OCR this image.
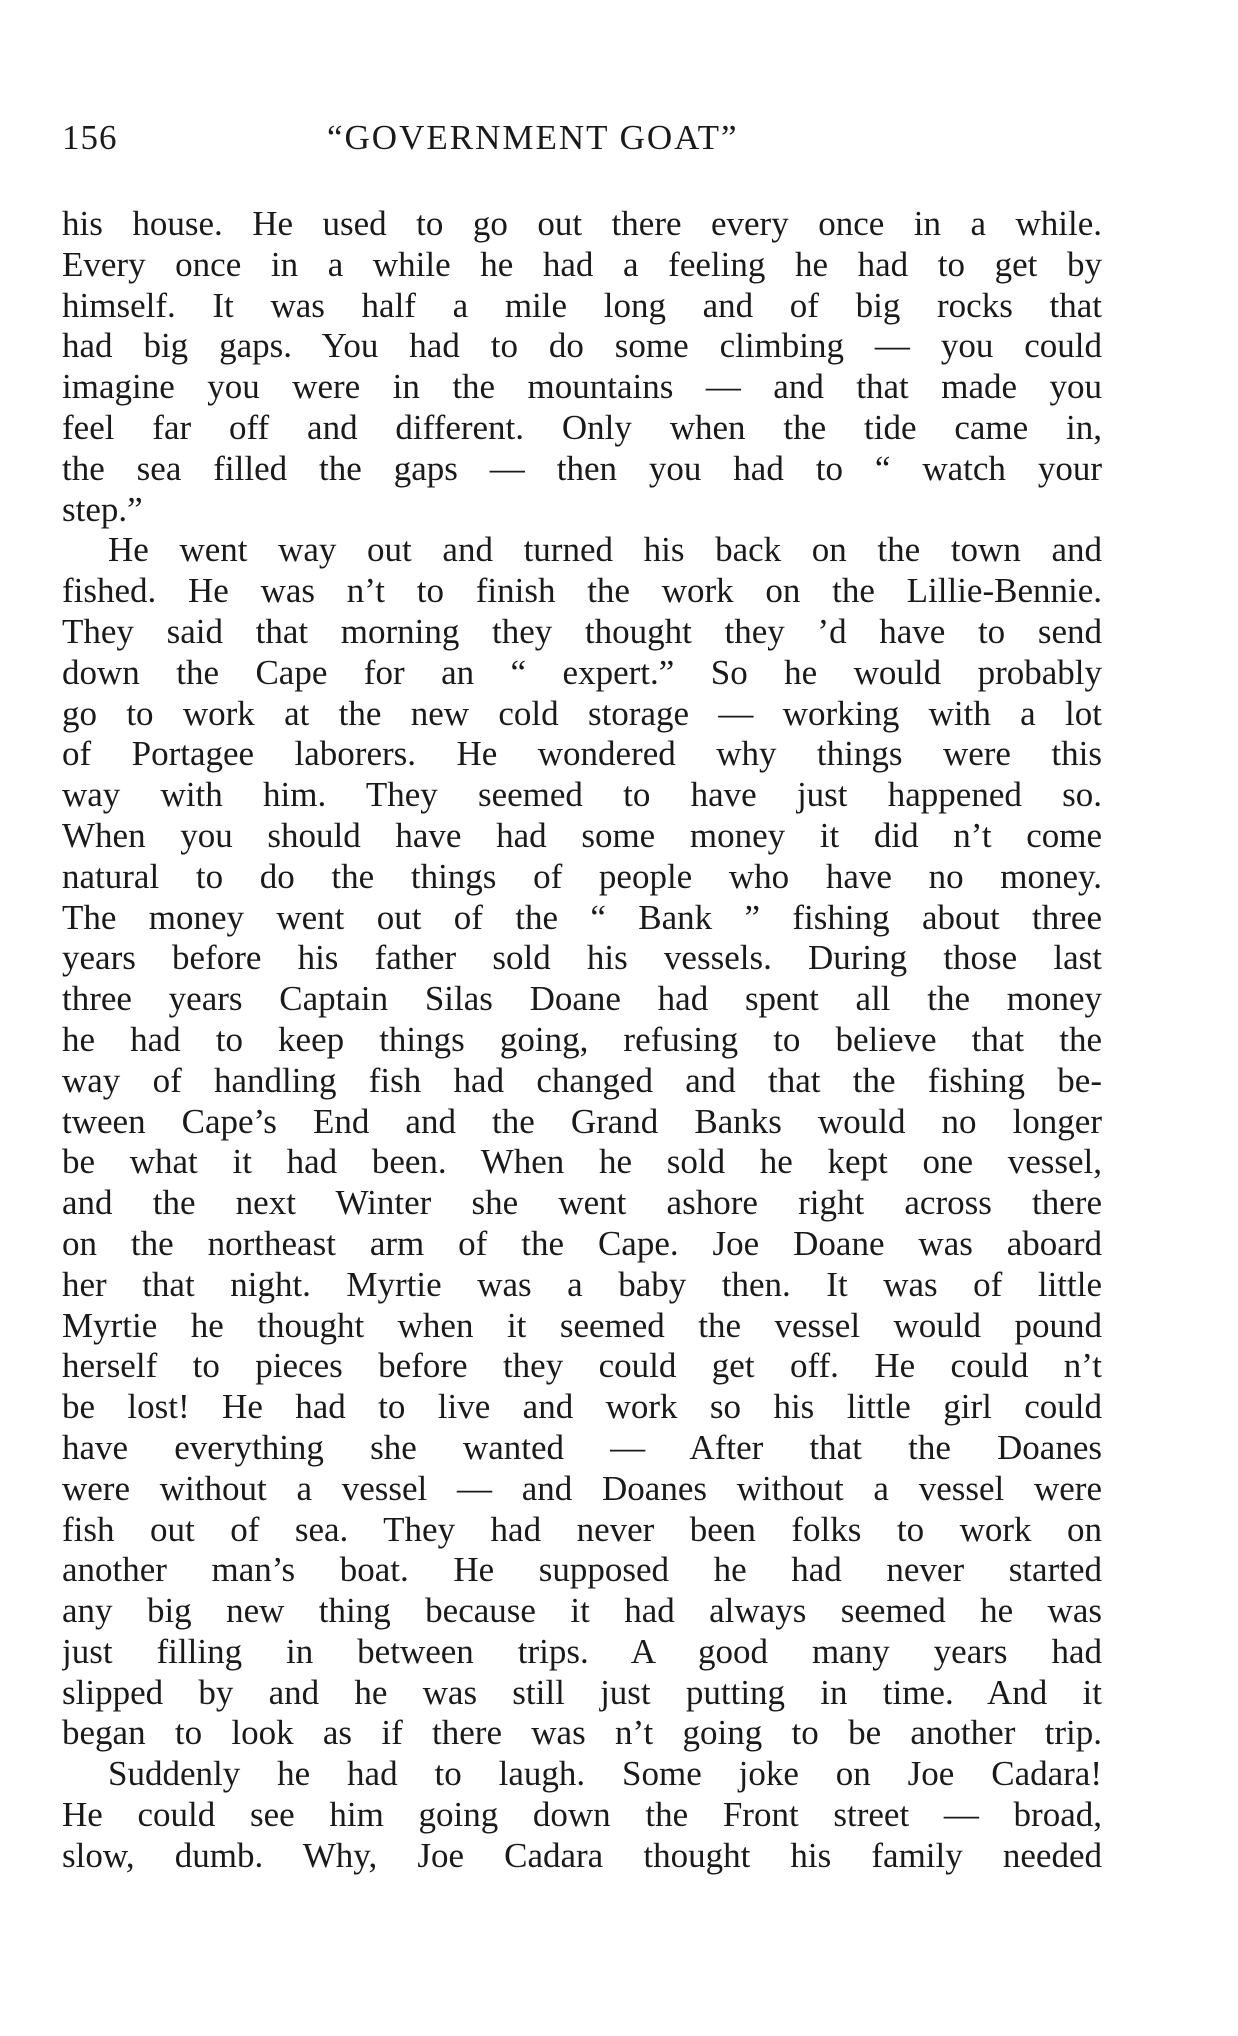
156	“GOVERNMENT GOAT”
his house. He used to go out there every once in a while.
Every once in a while he had a feeling he had to get by
himself. It was half a mile long and of big rocks that
had big gaps. You had to do some climbing — you could
imagine you were in the mountains — and that made you
feel far off and different. Only when the tide came in,
the sea filled the gaps — then you had to “ watch your
step.”
He went way out and turned his back on the town and
fished. He was n’t to finish the work on the Lillie-Bennie.
They said that morning they thought they ’d have to send
down the Cape for an “ expert.” So he would probably
go to work at the new cold storage — working with a lot
of Portagee laborers. He wondered why things were this
way with him. They seemed to have just happened so.
When you should have had some money it did n’t come
natural to do the things of people who have no money.
The money went out of the “ Bank ” fishing about three
years before his father sold his vessels. During those last
three years Captain Silas Doane had spent all the money
he had to keep things going, refusing to believe that the
way of handling fish had changed and that the fishing be-
tween Cape’s End and the Grand Banks would no longer
be what it had been. When he sold he kept one vessel,
and the next Winter she went ashore right across there
on the northeast arm of the Cape. Joe Doane was aboard
her that night. Myrtie was a baby then. It was of little
Myrtie he thought when it seemed the vessel would pound
herself to pieces before they could get off. He could n’t
be lost! He had to live and work so his little girl could
have everything she wanted — After that the Doanes
were without a vessel — and Doanes without a vessel were
fish out of sea. They had never been folks to work on
another man’s boat. He supposed he had never started
any big new thing because it had always seemed he was
just filling in between trips. A good many years had
slipped by and he was still just putting in time. And it
began to look as if there was n’t going to be another trip.
Suddenly he had to laugh. Some joke on Joe Cadara!
He could see him going down the Front street — broad,
slow, dumb. Why, Joe Cadara thought his family needed
